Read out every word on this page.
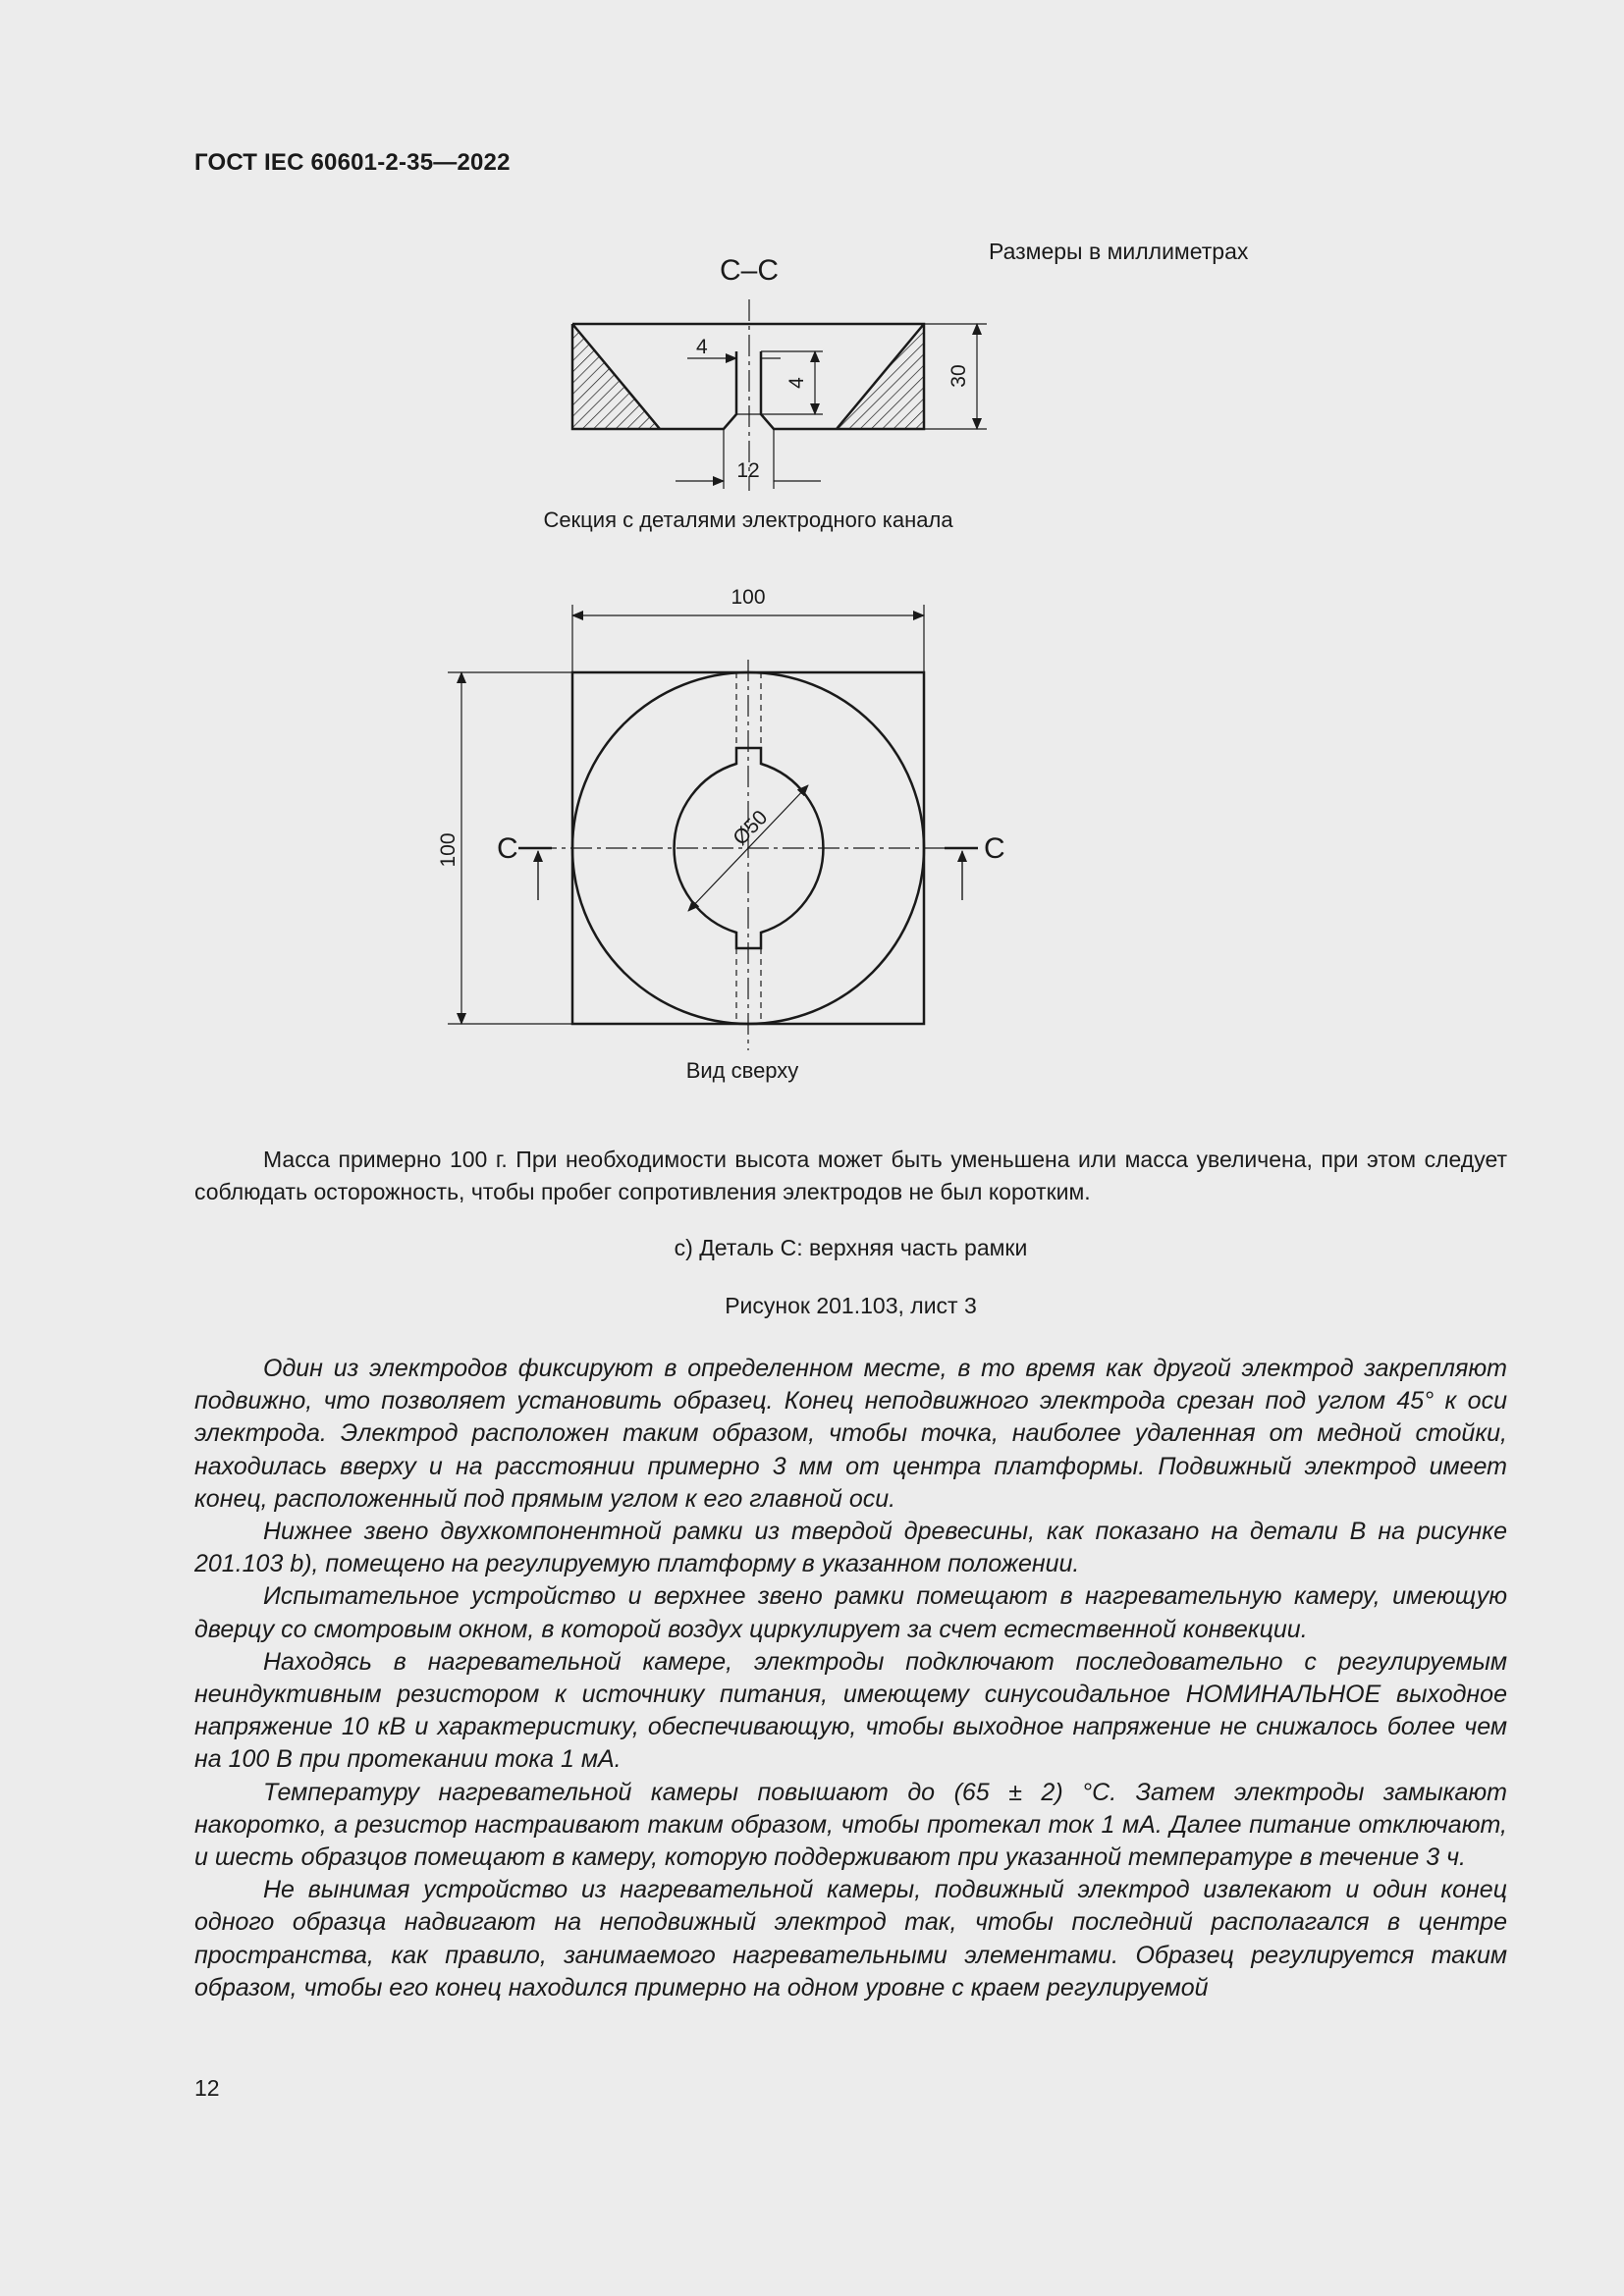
ГОСТ IEC 60601-2-35—2022
Размеры в миллиметрах
С–С
4
4	30
12
100
100
Ø50
С	С
Секция с деталями электродного канала
Вид сверху
Масса примерно 100 г. При необходимости высота может быть уменьшена или масса увеличена, при этом следует соблюдать осторожность, чтобы пробег сопротивления электродов не был коротким.
с) Деталь С: верхняя часть рамки
Рисунок 201.103, лист 3

Один из электродов фиксируют в определенном месте, в то время как другой электрод закрепляют подвижно, что позволяет установить образец. Конец неподвижного электрода срезан под углом 45° к оси электрода. Электрод расположен таким образом, чтобы точка, наиболее удаленная от медной стойки, находилась вверху и на расстоянии примерно 3 мм от центра платформы. Подвижный электрод имеет конец, расположенный под прямым углом к его главной оси.

Нижнее звено двухкомпонентной рамки из твердой древесины, как показано на детали В на рисунке 201.103 b), помещено на регулируемую платформу в указанном положении.

Испытательное устройство и верхнее звено рамки помещают в нагревательную камеру, имеющую дверцу со смотровым окном, в которой воздух циркулирует за счет естественной конвекции.

Находясь в нагревательной камере, электроды подключают последовательно с регулируемым неиндуктивным резистором к источнику питания, имеющему синусоидальное НОМИНАЛЬНОЕ выходное напряжение 10 кВ и характеристику, обеспечивающую, чтобы выходное напряжение не снижалось более чем на 100 В при протекании тока 1 мА.

Температуру нагревательной камеры повышают до (65 ± 2) °С. Затем электроды замыкают накоротко, а резистор настраивают таким образом, чтобы протекал ток 1 мА. Далее питание отключают, и шесть образцов помещают в камеру, которую поддерживают при указанной температуре в течение 3 ч.

Не вынимая устройство из нагревательной камеры, подвижный электрод извлекают и один конец одного образца надвигают на неподвижный электрод так, чтобы последний располагался в центре пространства, как правило, занимаемого нагревательными элементами. Образец регулируется таким образом, чтобы его конец находился примерно на одном уровне с краем регулируемой

12
